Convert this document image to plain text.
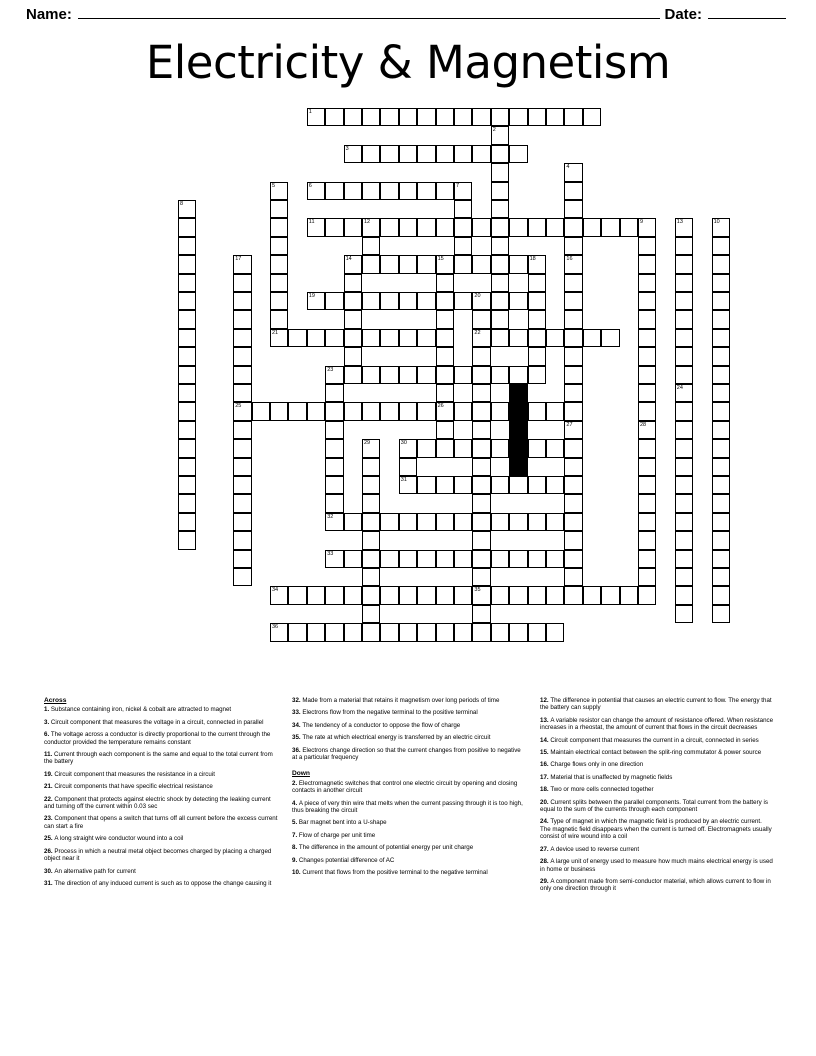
Name:	Date:
Electricity & Magnetism
1
2
3
4
5	6	7
8
11	12	9	13	10
17	14	15	18	16
19	20
21	22
23
24
25	26
27	28
29	30
31
32
33
34	35
36
Across
1. Substance containing iron, nickel & cobalt are attracted to magnet
3. Circuit component that measures the voltage in a circuit, connected in parallel
6. The voltage across a conductor is directly proportional to the current through the conductor provided the temperature remains constant
11. Current through each component is the same and equal to the total current from the battery
19. Circuit component that measures the resistance in a circuit
21. Circuit components that have specific electrical resistance
22. Component that protects against electric shock by detecting the leaking current and turning off the current within 0.03 sec
23. Component that opens a switch that turns off all current before the excess current can start a fire
25. A long straight wire conductor wound into a coil
26. Process in which a neutral metal object becomes charged by placing a charged object near it
30. An alternative path for current
31. The direction of any induced current is such as to oppose the change causing it
32. Made from a material that retains it magnetism over long periods of time
33. Electrons flow from the negative terminal to the positive terminal
34. The tendency of a conductor to oppose the flow of charge
35. The rate at which electrical energy is transferred by an electric circuit
36. Electrons change direction so that the current changes from positive to negative at a particular frequency
Down
2. Electromagnetic switches that control one electric circuit by opening and closing contacts in another circuit
4. A piece of very thin wire that melts when the current passing through it is too high, thus breaking the circuit
5. Bar magnet bent into a U-shape
7. Flow of charge per unit time
8. The difference in the amount of potential energy per unit charge
9. Changes potential difference of AC
10. Current that flows from the positive terminal to the negative terminal
12. The difference in potential that causes an electric current to flow. The energy that the battery can supply
13. A variable resistor can change the amount of resistance offered. When resistance increases in a rheostat, the amount of current that flows in the circuit decreases
14. Circuit component that measures the current in a circuit, connected in series
15. Maintain electrical contact between the split-ring commutator & power source
16. Charge flows only in one direction
17. Material that is unaffected by magnetic fields
18. Two or more cells connected together
20. Current splits between the parallel components. Total current from the battery is equal to the sum of the currents through each component
24. Type of magnet in which the magnetic field is produced by an electric current. The magnetic field disappears when the current is turned off. Electromagnets usually consist of wire wound into a coil
27. A device used to reverse current
28. A large unit of energy used to measure how much mains electrical energy is used in home or business
29. A component made from semi-conductor material, which allows current to flow in only one direction through it
